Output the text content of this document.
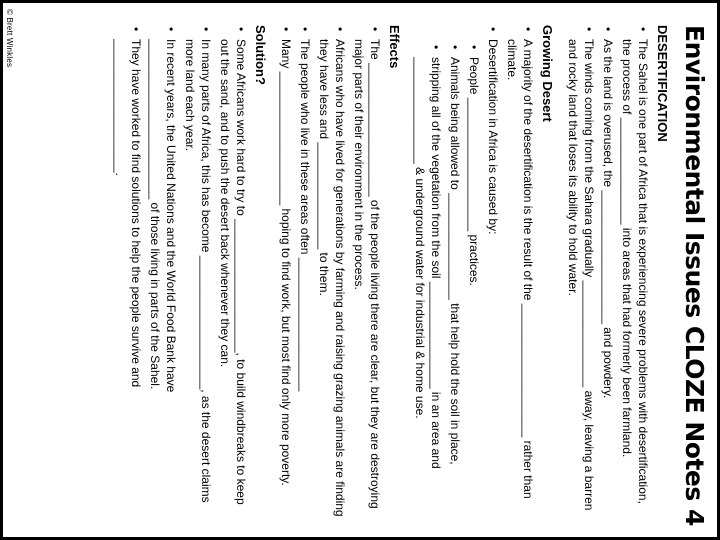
Environmental Issues CLOZE Notes 4
DESERTIFICATION
• The Sahel is one part of Africa that is experiencing severe problems with desertification, the process of ________________ into areas that had formerly been farmland.
• As the land is overused, the ____________________ and powdery.
• The winds coming from the Sahara gradually ________________ away, leaving a barren and rocky land that loses its ability to hold water.
Growing Desert
• A majority of the desertification is the result of the ____________________ rather than climate.
• Desertification in Africa is caused by:
• People ____________________ practices.
• Animals being allowed to ________________ that help hold the soil in place,
• stripping all of the vegetation from the soil ________________ in an area and ________________ & underground water for industrial & home use.
Effects
• The ____________________ of the people living there are clear, but they are destroying major parts of their environment in the process.
• Africans who have lived for generations by farming and raising grazing animals are finding they have less and ________________ to them.
• The people who live in these areas often ____________________
• Many ____________________ hoping to find work, but most find only more poverty.
Solution?
• Some Africans work hard to try to ____________________, to build windbreaks to keep out the sand, and to push the desert back whenever they can.
• In many parts of Africa, this has become ____________________, as the desert claims more land each year.
• In recent years, the United Nations and the World Food Bank have ________________________ of those living in parts of the Sahel.
• They have worked to find solutions to help the people survive and ____________________.
© Brett Winkles
